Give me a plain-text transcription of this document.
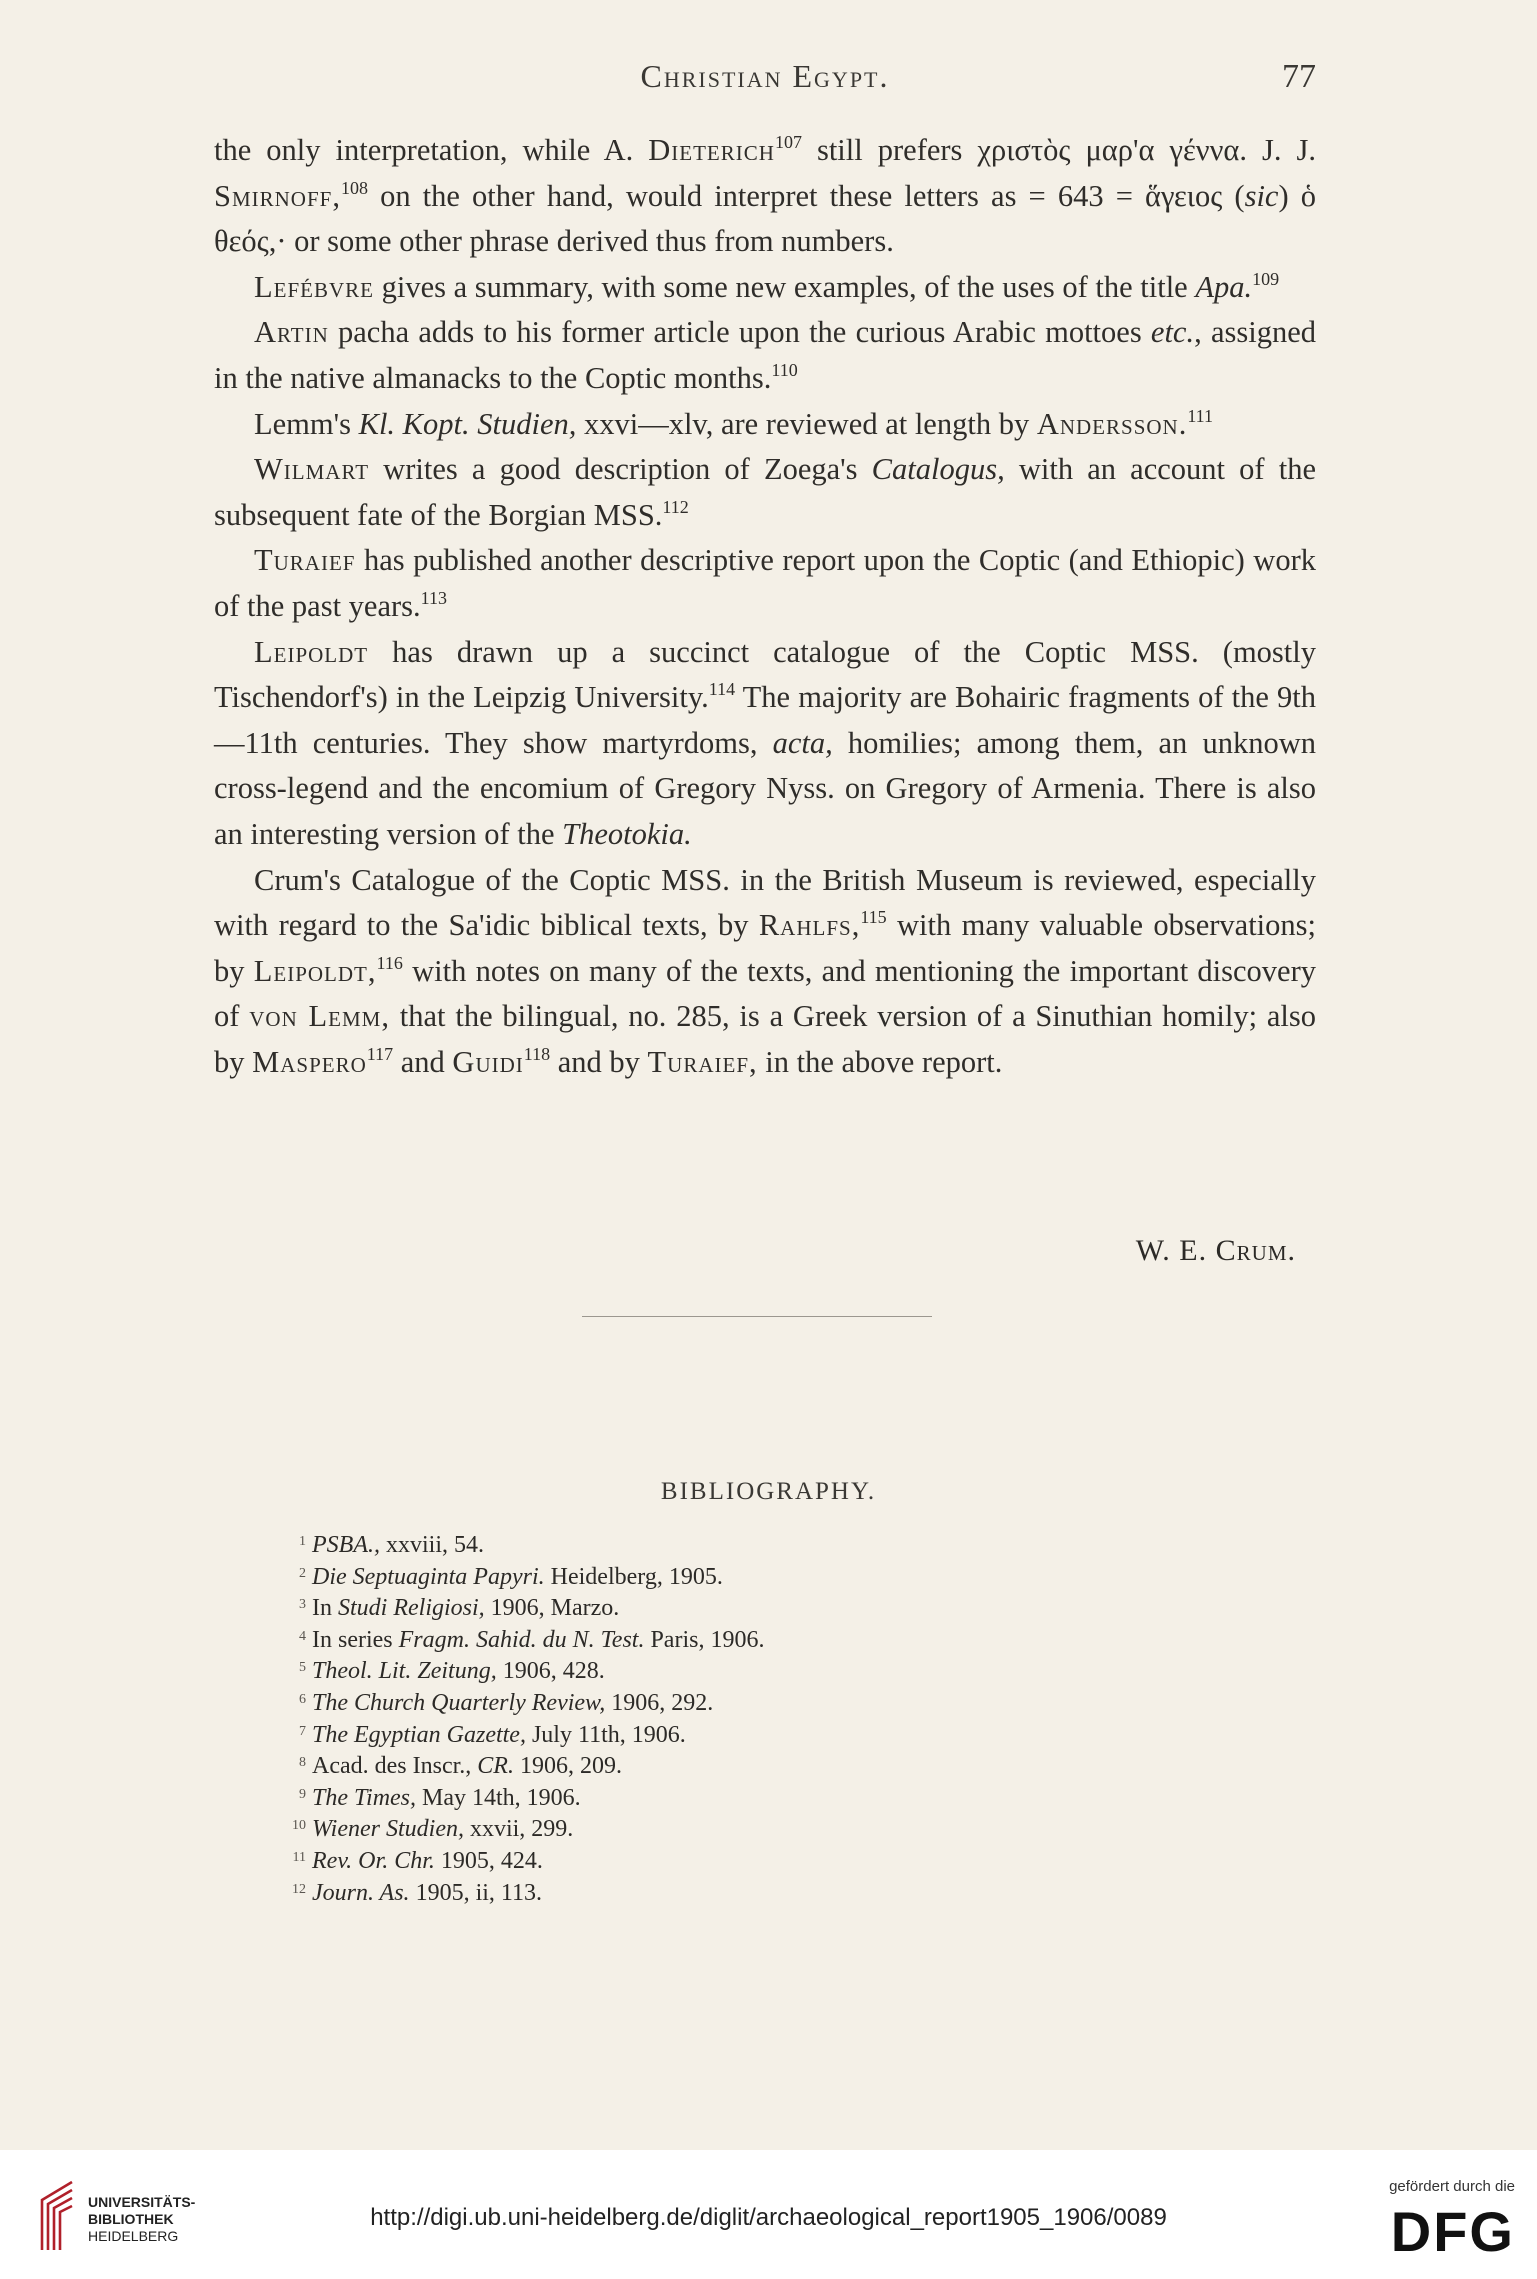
Christian Egypt.	77

the only interpretation, while A. Dieterich$^{107}$ still prefers χριστὸς μαρ'α γέννα. J. J. Smirnoff,$^{108}$ on the other hand, would interpret these letters as = 643 = ἅγειος (sic) ὁ θεός,· or some other phrase derived thus from numbers.

Lefébvre gives a summary, with some new examples, of the uses of the title Apa.$^{109}$

Artin pacha adds to his former article upon the curious Arabic mottoes etc., assigned in the native almanacks to the Coptic months.$^{110}$

Lemm's Kl. Kopt. Studien, xxvi—xlv, are reviewed at length by Andersson.$^{111}$

Wilmart writes a good description of Zoega's Catalogus, with an account of the subsequent fate of the Borgian MSS.$^{112}$

Turaief has published another descriptive report upon the Coptic (and Ethiopic) work of the past years.$^{113}$

Leipoldt has drawn up a succinct catalogue of the Coptic MSS. (mostly Tischendorf's) in the Leipzig University.$^{114}$ The majority are Bohairic fragments of the 9th—11th centuries. They show martyrdoms, acta, homilies; among them, an unknown cross-legend and the encomium of Gregory Nyss. on Gregory of Armenia. There is also an interesting version of the Theotokia.

Crum's Catalogue of the Coptic MSS. in the British Museum is reviewed, especially with regard to the Sa'idic biblical texts, by Rahlfs,$^{115}$ with many valuable observations; by Leipoldt,$^{116}$ with notes on many of the texts, and mentioning the important discovery of von Lemm, that the bilingual, no. 285, is a Greek version of a Sinuthian homily; also by Maspero$^{117}$ and Guidi$^{118}$ and by Turaief, in the above report.

W. E. Crum.
BIBLIOGRAPHY.
1 PSBA., xxviii, 54.
2 Die Septuaginta Papyri. Heidelberg, 1905.
3 In Studi Religiosi, 1906, Marzo.
4 In series Fragm. Sahid. du N. Test. Paris, 1906.
5 Theol. Lit. Zeitung, 1906, 428.
6 The Church Quarterly Review, 1906, 292.
7 The Egyptian Gazette, July 11th, 1906.
8 Acad. des Inscr., CR. 1906, 209.
9 The Times, May 14th, 1906.
10 Wiener Studien, xxvii, 299.
11 Rev. Or. Chr. 1905, 424.
12 Journ. As. 1905, ii, 113.
UNIVERSITÄTS-
BIBLIOTHEK
HEIDELBERG
http://digi.ub.uni-heidelberg.de/diglit/archaeological_report1905_1906/0089
gefördert durch die
DFG
